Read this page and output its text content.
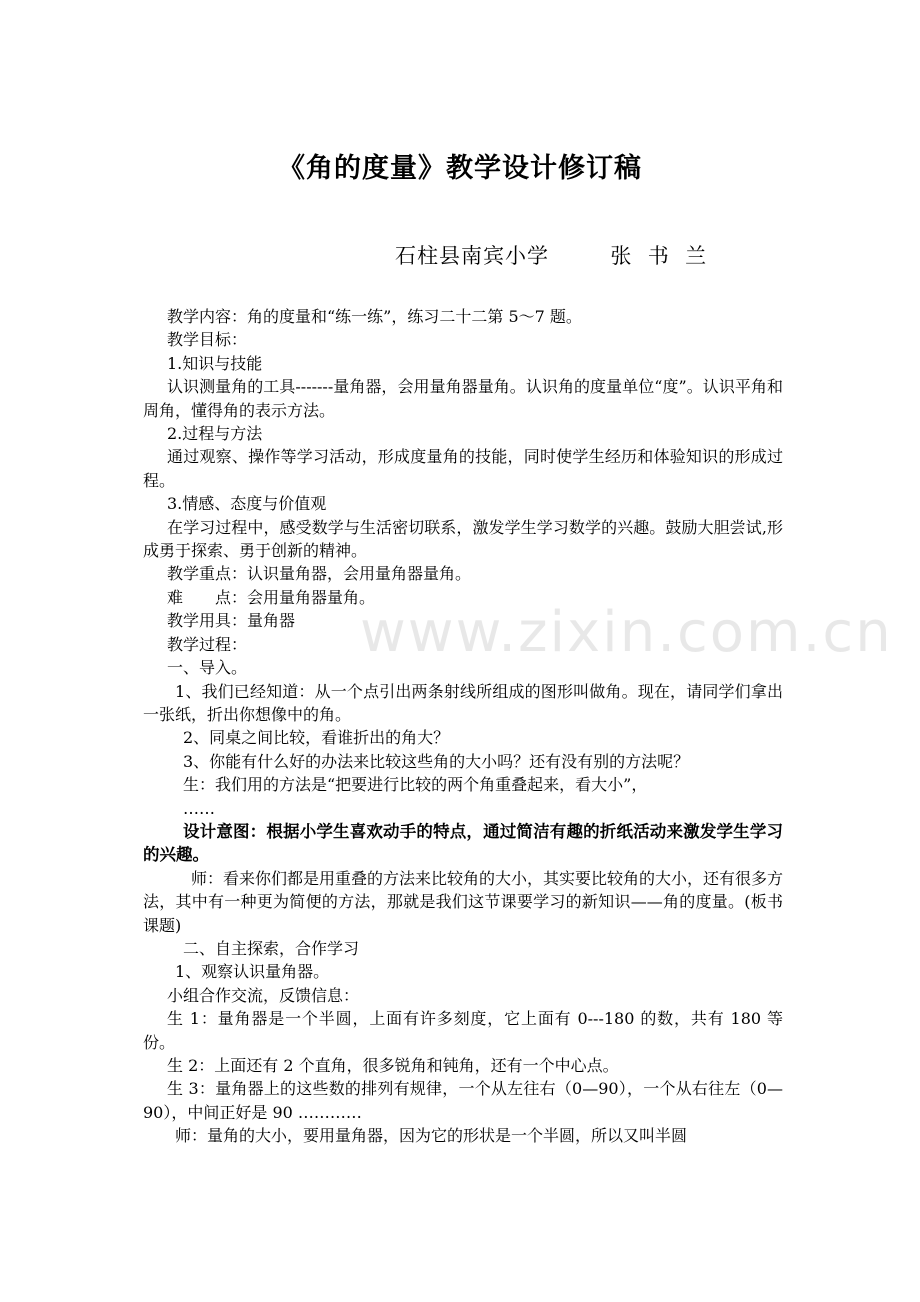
《角的度量》教学设计修订稿
石柱县南宾小学        张  书  兰

教学内容：角的度量和“练一练”，练习二十二第 5～7 题。

教学目标：

1.知识与技能

认识测量角的工具-------量角器，会用量角器量角。认识角的度量单位“度”。认识平角和周角，懂得角的表示方法。

2.过程与方法

通过观察、操作等学习活动，形成度量角的技能，同时使学生经历和体验知识的形成过程。

3.情感、态度与价值观

在学习过程中，感受数学与生活密切联系，激发学生学习数学的兴趣。鼓励大胆尝试,形成勇于探索、勇于创新的精神。

教学重点：认识量角器，会用量角器量角。

难　　点：会用量角器量角。

教学用具：量角器

教学过程：

一、导入。

1、我们已经知道：从一个点引出两条射线所组成的图形叫做角。现在，请同学们拿出一张纸，折出你想像中的角。

2、同桌之间比较，看谁折出的角大？

3、你能有什么好的办法来比较这些角的大小吗？还有没有别的方法呢？

生：我们用的方法是“把要进行比较的两个角重叠起来，看大小”，

……

设计意图：根据小学生喜欢动手的特点，通过简洁有趣的折纸活动来激发学生学习的兴趣。

师：看来你们都是用重叠的方法来比较角的大小，其实要比较角的大小，还有很多方法，其中有一种更为简便的方法，那就是我们这节课要学习的新知识——角的度量。(板书课题)

二、自主探索，合作学习

1、观察认识量角器。

小组合作交流，反馈信息：

生 1：量角器是一个半圆，上面有许多刻度，它上面有 0---180 的数，共有 180 等份。

生 2：上面还有 2 个直角，很多锐角和钝角，还有一个中心点。

生 3：量角器上的这些数的排列有规律，一个从左往右（0—90），一个从右往左（0—90），中间正好是 90 …………

师：量角的大小，要用量角器，因为它的形状是一个半圆，所以又叫半圆

www.zixin.com.cn
